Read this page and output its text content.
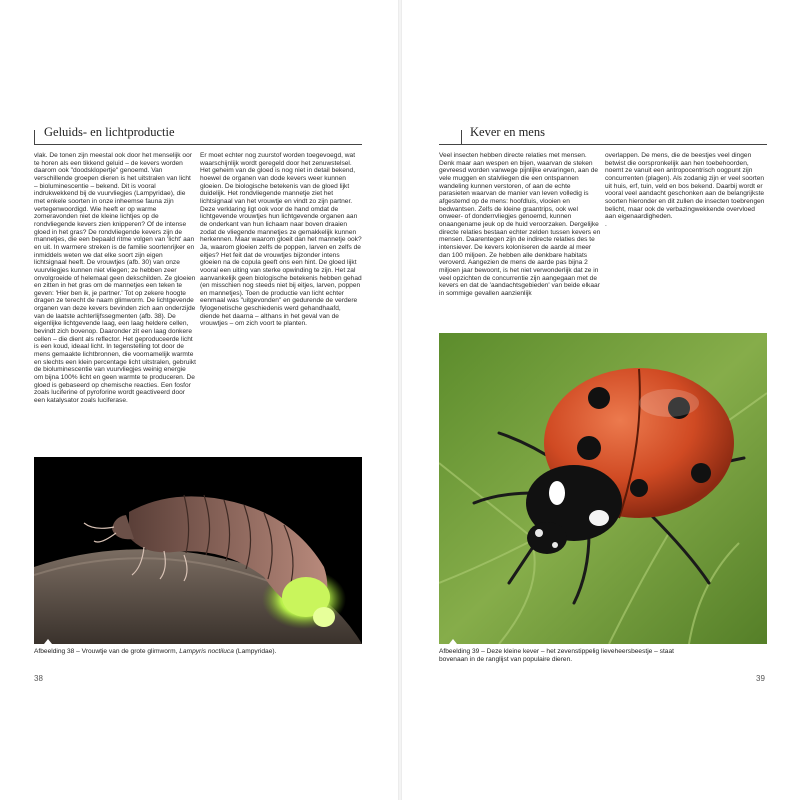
Geluids- en lichtproductie

vlak. De tonen zijn meestal ook door het menselijk oor te horen als een tikkend geluid – de kevers worden daarom ook "doodsklopertje" genoemd. Van verschillende groepen dieren is het uitstralen van licht – bioluminescentie – bekend. Dit is vooral indrukwekkend bij de vuurvliegjes (Lampyridae), die met enkele soorten in onze inheemse fauna zijn vertegenwoordigd. Wie heeft er op warme zomeravonden niet de kleine lichtjes op de rondvliegende kevers zien knipperen? Of de intense gloed in het gras? De rondvliegende kevers zijn de mannetjes, die een bepaald ritme volgen van 'licht' aan en uit. In warmere streken is de familie soortenrijker en inmiddels weten we dat elke soort zijn eigen lichtsignaal heeft. De vrouwtjes (afb. 30) van onze vuurvliegjes kunnen niet vliegen; ze hebben zeer onvolgroeide of helemaal geen dekschilden. Ze gloeien en zitten in het gras om de mannetjes een teken te geven: 'Hier ben ik, je partner.' Tot op zekere hoogte dragen ze terecht de naam glimworm. De lichtgevende organen van deze kevers bevinden zich aan onderzijde van de laatste achterlijfssegmenten (afb. 38). De eigenlijke lichtgevende laag, een laag heldere cellen, bevindt zich bovenop. Daaronder zit een laag donkere cellen – die dient als reflector. Het geproduceerde licht is een koud, ideaal licht. In tegenstelling tot door de mens gemaakte lichtbronnen, die voornamelijk warmte en slechts een klein percentage licht uitstralen, gebruikt de bioluminescentie van vuurvliegjes weinig energie om bijna 100% licht en geen warmte te produceren. De gloed is gebaseerd op chemische reacties. Een fosfor zoals luciferine of pyroforine wordt geactiveerd door een katalysator zoals luciferase.

Er moet echter nog zuurstof worden toegevoegd, wat waarschijnlijk wordt geregeld door het zenuwstelsel. Het geheim van de gloed is nog niet in detail bekend, hoewel de organen van dode kevers weer kunnen gloeien. De biologische betekenis van de gloed lijkt duidelijk. Het rondvliegende mannetje ziet het lichtsignaal van het vrouwtje en vindt zo zijn partner. Deze verklaring ligt ook voor de hand omdat de lichtgevende vrouwtjes hun lichtgevende organen aan de onderkant van hun lichaam naar boven draaien zodat de vliegende mannetjes ze gemakkelijk kunnen herkennen. Maar waarom gloeit dan het mannetje ook? Ja, waarom gloeien zelfs de poppen, larven en zelfs de eitjes? Het feit dat de vrouwtjes bijzonder intens gloeien na de copula geeft ons een hint. De gloed lijkt vooral een uiting van sterke opwinding te zijn. Het zal aanvankelijk geen biologische betekenis hebben gehad (en misschien nog steeds niet bij eitjes, larven, poppen en mannetjes). Toen de productie van licht echter eenmaal was "uitgevonden" en gedurende de verdere fylogenetische geschiedenis werd gehandhaafd, diende het daarna – althans in het geval van de vrouwtjes – om zich voort te planten.

Afbeelding 38 – Vrouwtje van de grote glimworm, Lampyris noctiluca (Lampyridae).
38
Kever en mens

Veel insecten hebben directe relaties met mensen. Denk maar aan wespen en bijen, waarvan de steken gevreesd worden vanwege pijnlijke ervaringen, aan de vele muggen en stalvliegen die een ontspannen wandeling kunnen verstoren, of aan de echte parasieten waarvan de manier van leven volledig is afgestemd op de mens: hoofdluis, vlooien en bedwantsen. Zelfs de kleine graantrips, ook wel onweer- of donderrvliegjes genoemd, kunnen onaangename jeuk op de huid veroorzaken. Dergelijke directe relaties bestaan echter zelden tussen kevers en mensen. Daarentegen zijn de indirecte relaties des te intensiever. De kevers koloniseren de aarde al meer dan 100 miljoen. Ze hebben alle denkbare habitats veroverd. Aangezien de mens de aarde pas bijna 2 miljoen jaar bewoont, is het niet verwonderlijk dat ze in veel opzichten de concurrentie zijn aangegaan met de kevers en dat de 'aandachtsgebieden' van beide elkaar in sommige gevallen aanzienlijk

overlappen. De mens, die de beestjes veel dingen betwist die oorspronkelijk aan hen toebehoorden, noemt ze vanuit een antropocentrisch oogpunt zijn concurrenten (plagen). Als zodanig zijn er veel soorten uit huis, erf, tuin, veld en bos bekend. Daarbij wordt er vooral veel aandacht geschonken aan de belangrijkste soorten hieronder en dit zullen de insecten toebrengen belicht, maar ook de verbazingwekkende overvloed aan eigenaardigheden.

.

Afbeelding 39 – Deze kleine kever – het zevenstippelig lieveheersbeestje – staat bovenaan in de ranglijst van populaire dieren.
39
